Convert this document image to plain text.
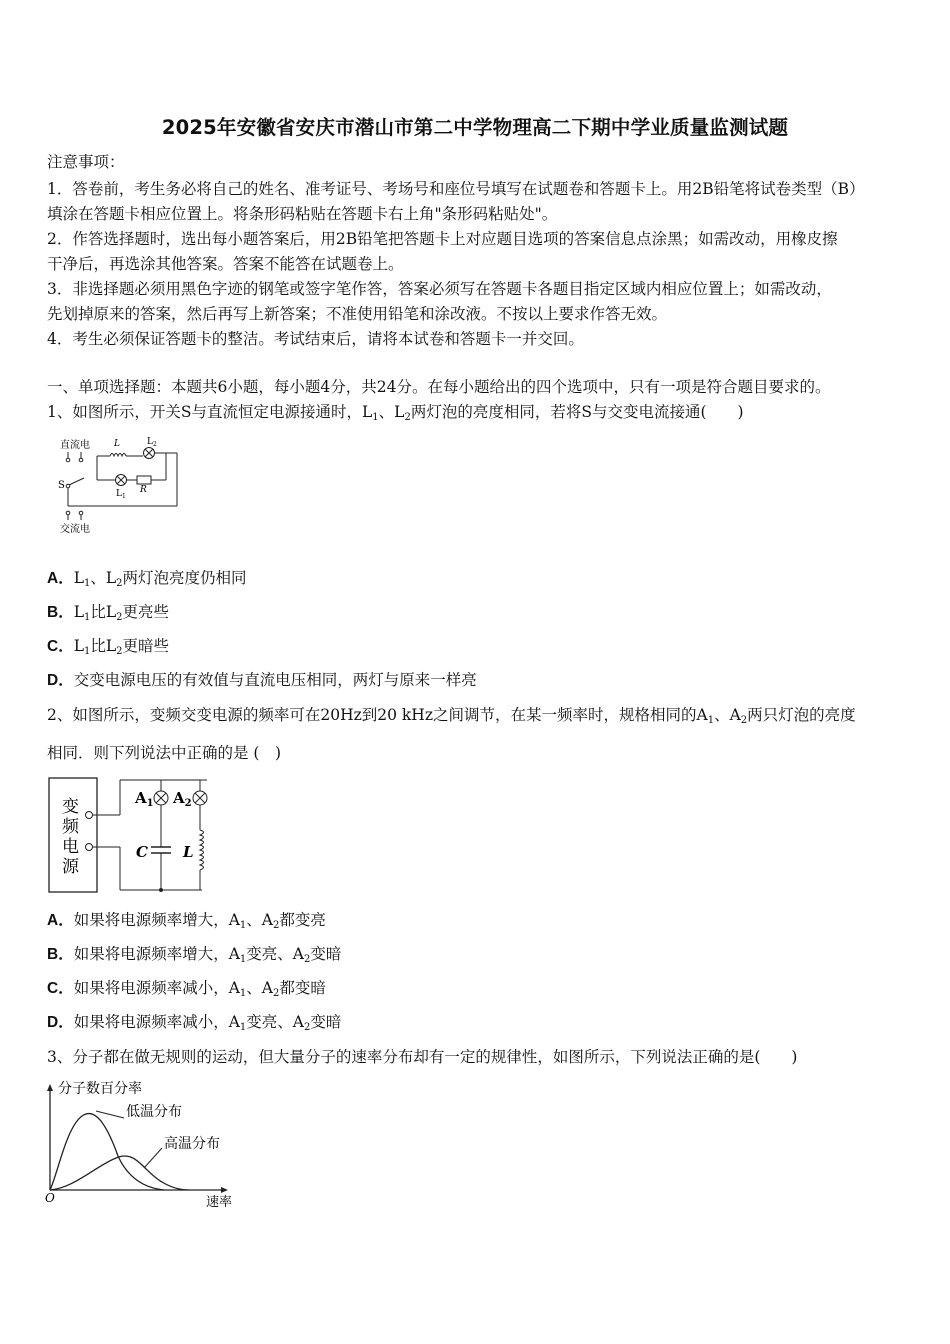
2025年安徽省安庆市潜山市第二中学物理高二下期中学业质量监测试题
注意事项：
1．答卷前，考生务必将自己的姓名、准考证号、考场号和座位号填写在试题卷和答题卡上。用2B铅笔将试卷类型（B）
填涂在答题卡相应位置上。将条形码粘贴在答题卡右上角"条形码粘贴处"。
2．作答选择题时，选出每小题答案后，用2B铅笔把答题卡上对应题目选项的答案信息点涂黑；如需改动，用橡皮擦
干净后，再选涂其他答案。答案不能答在试题卷上。
3．非选择题必须用黑色字迹的钢笔或签字笔作答，答案必须写在答题卡各题目指定区域内相应位置上；如需改动，
先划掉原来的答案，然后再写上新答案；不准使用铅笔和涂改液。不按以上要求作答无效。
4．考生必须保证答题卡的整洁。考试结束后，请将本试卷和答题卡一并交回。
一、单项选择题：本题共6小题，每小题4分，共24分。在每小题给出的四个选项中，只有一项是符合题目要求的。
1、如图所示，开关S与直流恒定电源接通时，$L_1$、$L_2$两灯泡的亮度相同，若将S与交变电流接通(　　)
直流电	L	$L_2$
$L_1$
R
S
交流电
A．$L_1$、$L_2$两灯泡亮度仍相同
B．$L_1$比$L_2$更亮些
C．$L_1$比$L_2$更暗些
D．交变电源电压的有效值与直流电压相同，两灯与原来一样亮
2、如图所示，变频交变电源的频率可在20Hz到20 kHz之间调节，在某一频率时，规格相同的$A_1$、$A_2$两只灯泡的亮度
相同．则下列说法中正确的是 (　)
变
频
电
源
$A_1$
C
$A_2$
L
A．如果将电源频率增大，$A_1$、$A_2$都变亮
B．如果将电源频率增大，$A_1$变亮、$A_2$变暗
C．如果将电源频率减小，$A_1$、$A_2$都变暗
D．如果将电源频率减小，$A_1$变亮、$A_2$变暗
3、分子都在做无规则的运动，但大量分子的速率分布却有一定的规律性，如图所示，下列说法正确的是(　　)
分子数百分率
O	速率
低温分布
高温分布
